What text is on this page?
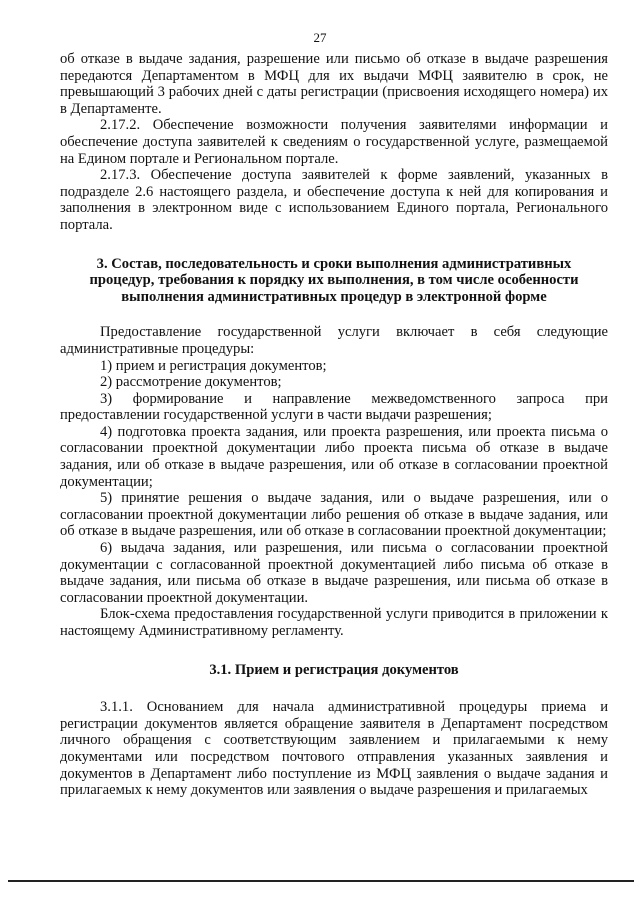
27

об отказе в выдаче задания, разрешение или письмо об отказе в выдаче разрешения передаются Департаментом в МФЦ для их выдачи МФЦ заявителю в срок, не превышающий 3 рабочих дней с даты регистрации (присвоения исходящего номера) их в Департаменте.

2.17.2. Обеспечение возможности получения заявителями информации и обеспечение доступа заявителей к сведениям о государственной услуге, размещаемой на Едином портале и Региональном портале.

2.17.3. Обеспечение доступа заявителей к форме заявлений, указанных в подразделе 2.6 настоящего раздела, и обеспечение доступа к ней для копирования и заполнения в электронном виде с использованием Единого портала, Регионального портала.

3. Состав, последовательность и сроки выполнения административных процедур, требования к порядку их выполнения, в том числе особенности выполнения административных процедур в электронной форме

Предоставление государственной услуги включает в себя следующие административные процедуры:

1) прием и регистрация документов;

2) рассмотрение документов;

3) формирование и направление межведомственного запроса при предоставлении государственной услуги в части выдачи разрешения;

4) подготовка проекта задания, или проекта разрешения, или проекта письма о согласовании проектной документации либо проекта письма об отказе в выдаче задания, или об отказе в выдаче разрешения, или об отказе в согласовании проектной документации;

5) принятие решения о выдаче задания, или о выдаче разрешения, или о согласовании проектной документации либо решения об отказе в выдаче задания, или об отказе в выдаче разрешения, или об отказе в согласовании проектной документации;

6) выдача задания, или разрешения, или письма о согласовании проектной документации с согласованной проектной документацией либо письма об отказе в выдаче задания, или письма об отказе в выдаче разрешения, или письма об отказе в согласовании проектной документации.

Блок-схема предоставления государственной услуги приводится в приложении к настоящему Административному регламенту.

3.1. Прием и регистрация документов

3.1.1. Основанием для начала административной процедуры приема и регистрации документов является обращение заявителя в Департамент посредством личного обращения с соответствующим заявлением и прилагаемыми к нему документами или посредством почтового отправления указанных заявления и документов в Департамент либо поступление из МФЦ заявления о выдаче задания и прилагаемых к нему документов или заявления о выдаче разрешения и прилагаемых
